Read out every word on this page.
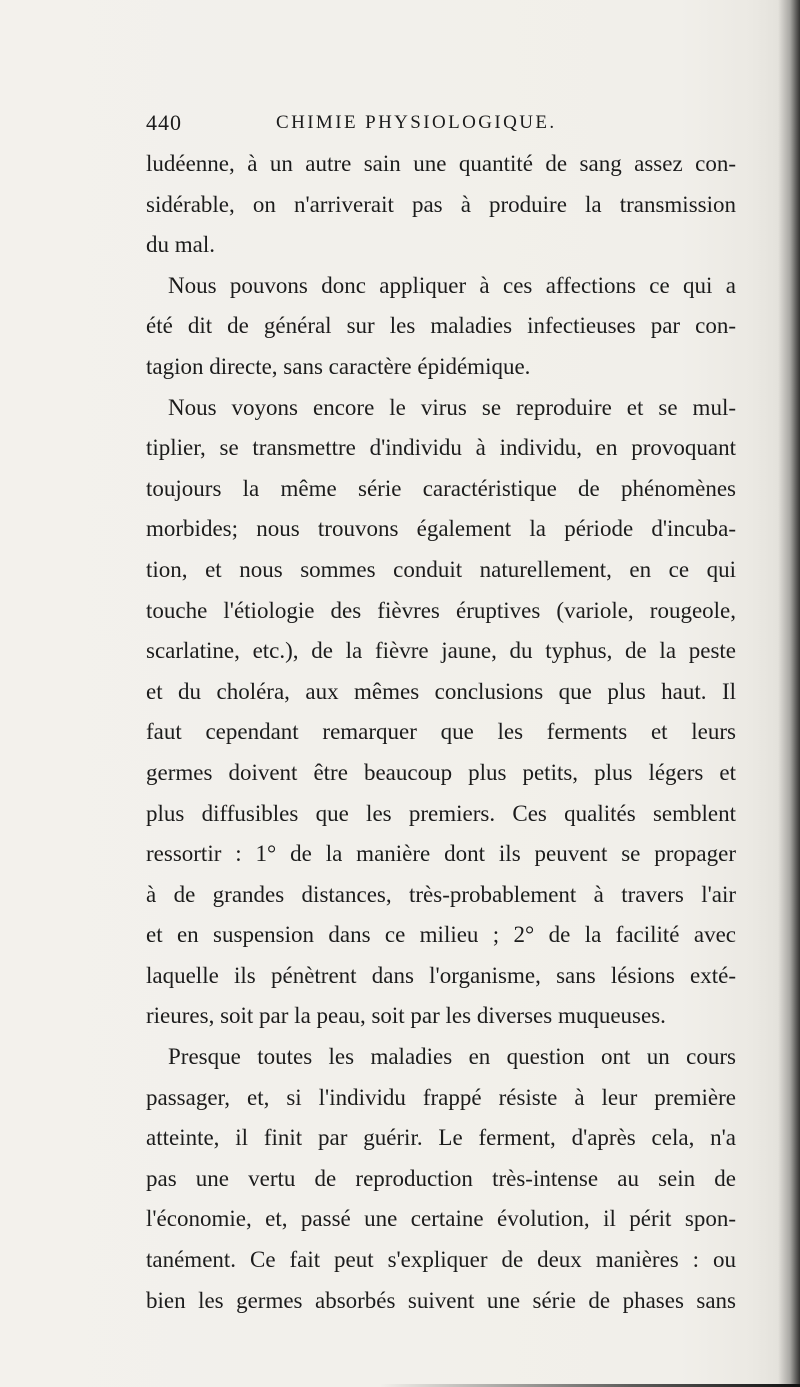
440	CHIMIE PHYSIOLOGIQUE.
ludéenne, à un autre sain une quantité de sang assez con-
sidérable, on n'arriverait pas à produire la transmission
du mal.
Nous pouvons donc appliquer à ces affections ce qui a
été dit de général sur les maladies infectieuses par con-
tagion directe, sans caractère épidémique.
Nous voyons encore le virus se reproduire et se mul-
tiplier, se transmettre d'individu à individu, en provoquant
toujours la même série caractéristique de phénomènes
morbides; nous trouvons également la période d'incuba-
tion, et nous sommes conduit naturellement, en ce qui
touche l'étiologie des fièvres éruptives (variole, rougeole,
scarlatine, etc.), de la fièvre jaune, du typhus, de la peste
et du choléra, aux mêmes conclusions que plus haut. Il
faut cependant remarquer que les ferments et leurs
germes doivent être beaucoup plus petits, plus légers et
plus diffusibles que les premiers. Ces qualités semblent
ressortir : 1° de la manière dont ils peuvent se propager
à de grandes distances, très-probablement à travers l'air
et en suspension dans ce milieu ; 2° de la facilité avec
laquelle ils pénètrent dans l'organisme, sans lésions exté-
rieures, soit par la peau, soit par les diverses muqueuses.
Presque toutes les maladies en question ont un cours
passager, et, si l'individu frappé résiste à leur première
atteinte, il finit par guérir. Le ferment, d'après cela, n'a
pas une vertu de reproduction très-intense au sein de
l'économie, et, passé une certaine évolution, il périt spon-
tanément. Ce fait peut s'expliquer de deux manières : ou
bien les germes absorbés suivent une série de phases sans
